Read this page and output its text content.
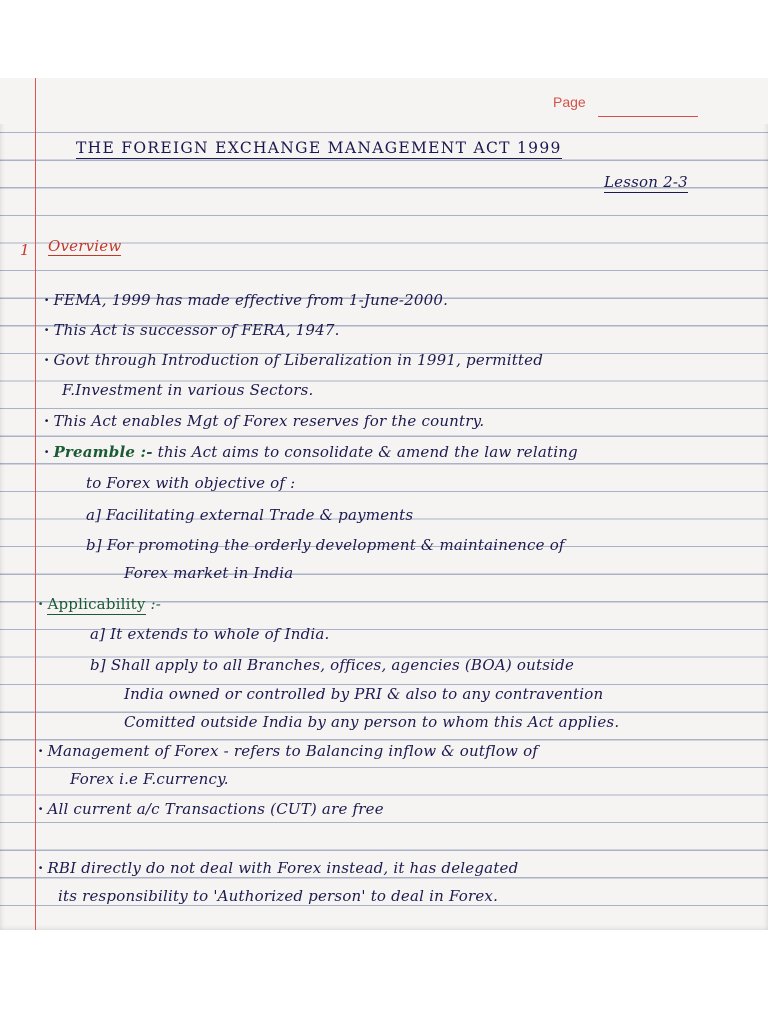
Page
THE FOREIGN EXCHANGE MANAGEMENT ACT 1999
Lesson 2-3
1 Overview
· FEMA, 1999 has made effective from 1-June-2000.
· This Act is successor of FERA, 1947.
· Govt through Introduction of Liberalization in 1991, permitted
F.Investment in various Sectors.
· This Act enables Mgt of Forex reserves for the country.
· Preamble :- this Act aims to consolidate & amend the law relating
to Forex with objective of :
a] Facilitating external Trade & payments
b] For promoting the orderly development & maintainence of
Forex market in India
· Applicability :-
a] It extends to whole of India.
b] Shall apply to all Branches, offices, agencies (BOA) outside
India owned or controlled by PRI & also to any contravention
Comitted outside India by any person to whom this Act applies.
· Management of Forex - refers to Balancing inflow & outflow of
Forex i.e F.currency.
· All current a/c Transactions (CUT) are free
· RBI directly do not deal with Forex instead, it has delegated
its responsibility to 'Authorized person' to deal in Forex.
